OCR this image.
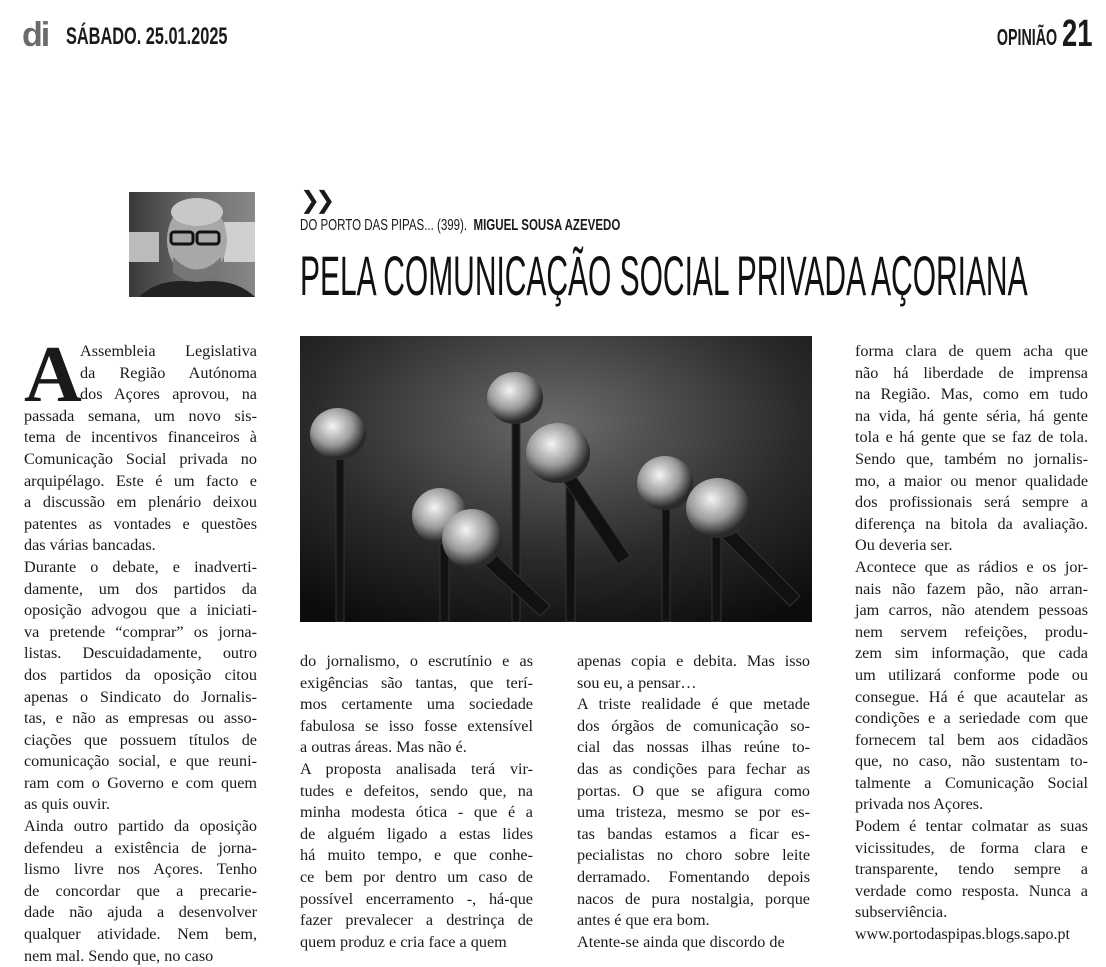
di SÁBADO. 25.01.2025	OPINIÃO 21
❯❯
DO PORTO DAS PIPAS... (399). MIGUEL SOUSA AZEVEDO
PELA COMUNICAÇÃO SOCIAL PRIVADA AÇORIANA
A
Assembleia Legislativa
da Região Autónoma
dos Açores aprovou, na
passada semana, um novo sis-
tema de incentivos financeiros à
Comunicação Social privada no
arquipélago. Este é um facto e
a discussão em plenário deixou
patentes as vontades e questões
das várias bancadas.
Durante o debate, e inadverti-
damente, um dos partidos da
oposição advogou que a iniciati-
va pretende “comprar” os jorna-
listas. Descuidadamente, outro
dos partidos da oposição citou
apenas o Sindicato do Jornalis-
tas, e não as empresas ou asso-
ciações que possuem títulos de
comunicação social, e que reuni-
ram com o Governo e com quem
as quis ouvir.
Ainda outro partido da oposição
defendeu a existência de jorna-
lismo livre nos Açores. Tenho
de concordar que a precarie-
dade não ajuda a desenvolver
qualquer atividade. Nem bem,
nem mal. Sendo que, no caso
do jornalismo, o escrutínio e as
exigências são tantas, que terí-
mos certamente uma sociedade
fabulosa se isso fosse extensível
a outras áreas. Mas não é.
A proposta analisada terá vir-
tudes e defeitos, sendo que, na
minha modesta ótica - que é a
de alguém ligado a estas lides
há muito tempo, e que conhe-
ce bem por dentro um caso de
possível encerramento -, há-que
fazer prevalecer a destrinça de
quem produz e cria face a quem
apenas copia e debita. Mas isso
sou eu, a pensar…
A triste realidade é que metade
dos órgãos de comunicação so-
cial das nossas ilhas reúne to-
das as condições para fechar as
portas. O que se afigura como
uma tristeza, mesmo se por es-
tas bandas estamos a ficar es-
pecialistas no choro sobre leite
derramado. Fomentando depois
nacos de pura nostalgia, porque
antes é que era bom.
Atente-se ainda que discordo de
forma clara de quem acha que
não há liberdade de imprensa
na Região. Mas, como em tudo
na vida, há gente séria, há gente
tola e há gente que se faz de tola.
Sendo que, também no jornalis-
mo, a maior ou menor qualidade
dos profissionais será sempre a
diferença na bitola da avaliação.
Ou deveria ser.
Acontece que as rádios e os jor-
nais não fazem pão, não arran-
jam carros, não atendem pessoas
nem servem refeições, produ-
zem sim informação, que cada
um utilizará conforme pode ou
consegue. Há é que acautelar as
condições e a seriedade com que
fornecem tal bem aos cidadãos
que, no caso, não sustentam to-
talmente a Comunicação Social
privada nos Açores.
Podem é tentar colmatar as suas
vicissitudes, de forma clara e
transparente, tendo sempre a
verdade como resposta. Nunca a
subserviência.
www.portodaspipas.blogs.sapo.pt
